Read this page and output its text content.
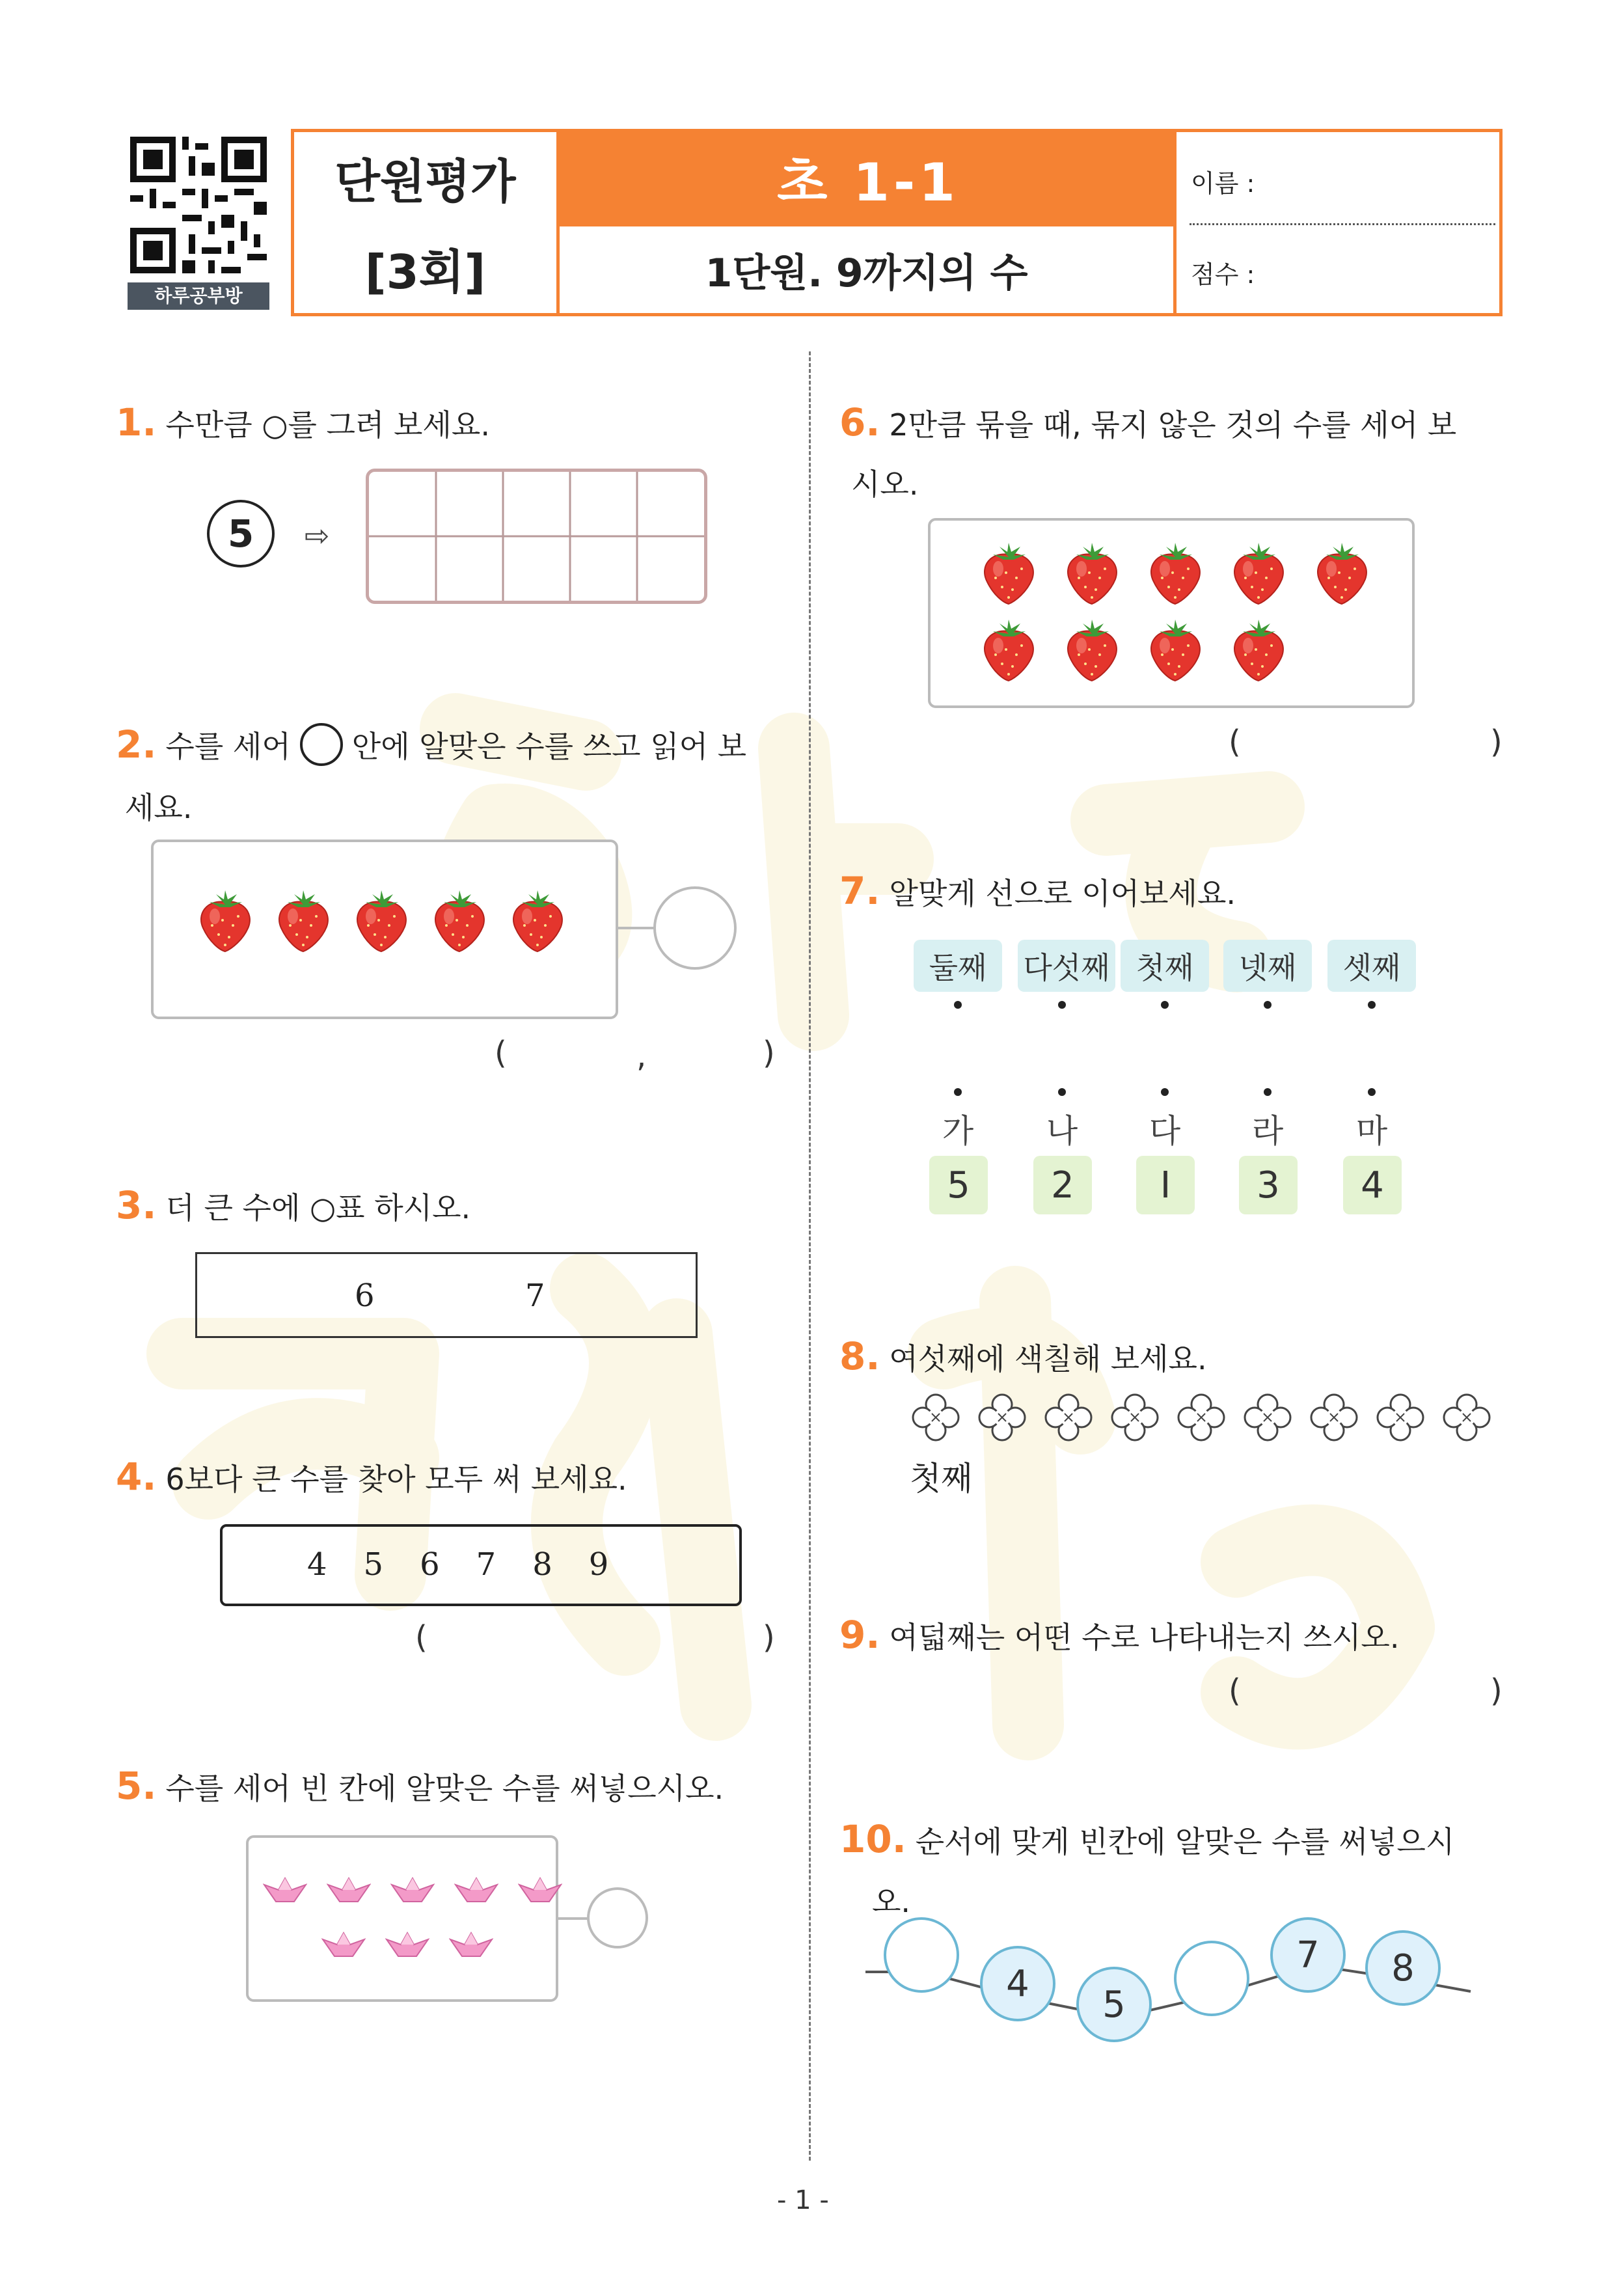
하루공부방
단원평가
[3회]
초 1-1
1단원. 9까지의 수
이름 :
점수 :
1. 수만큼 ○를 그려 보세요.
5 ⇨
2. 수를 세어 안에 알맞은 수를 쓰고 읽어 보
세요.
(	,	)
3. 더 큰 수에 ○표 하시오.
6	7
4. 6보다 큰 수를 찾아 모두 써 보세요.
4 5 6 7 8 9
(	)
5. 수를 세어 빈 칸에 알맞은 수를 써넣으시오.
6. 2만큼 묶을 때, 묶지 않은 것의 수를 세어 보
시오.
(	)
7. 알맞게 선으로 이어보세요.
둘째	다섯째 첫째	넷째	셋째
가	나	다	라	마
5	2	I	3	4
8. 여섯째에 색칠해 보세요.
첫째
9. 여덟째는 어떤 수로 나타내는지 쓰시오.
(	)
10. 순서에 맞게 빈칸에 알맞은 수를 써넣으시
오.
- 1 -
4	5
7	8
